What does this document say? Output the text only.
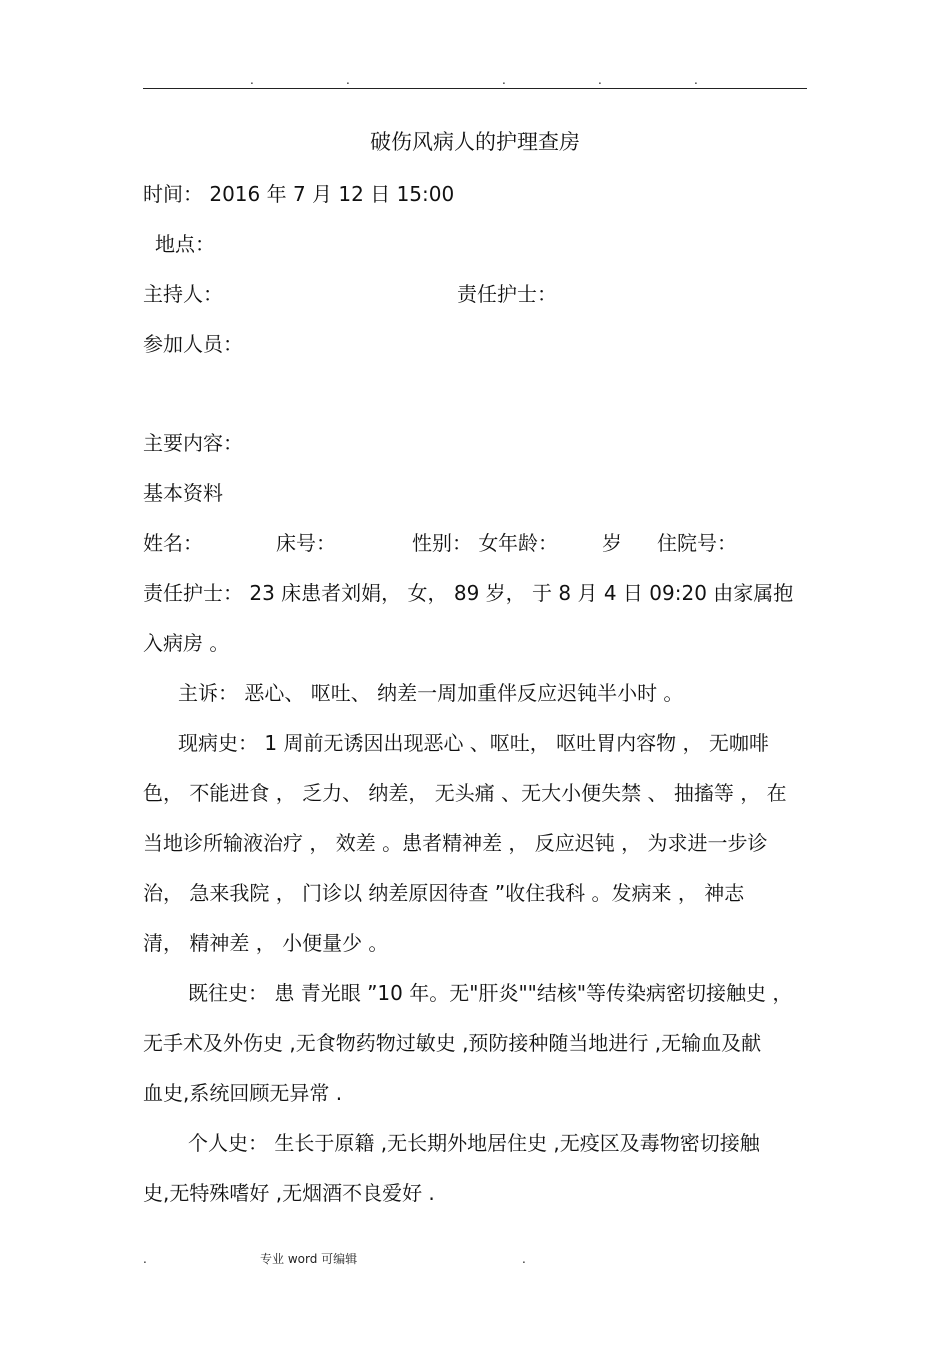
.	.	.	.	.
破伤风病人的护理查房
时间： 2016 年 7 月 12 日 15:00
地点：
主持人：	责任护士：
参加人员：
主要内容：
基本资料
姓名：	床号：	性别： 女 年龄： 岁 住院号：
责任护士： 23 床患者刘娟， 女， 89 岁， 于 8 月 4 日 09:20 由家属抱
入病房 。
主诉： 恶心、 呕吐、 纳差一周加重伴反应迟钝半小时 。
现病史： 1 周前无诱因出现恶心 、呕吐， 呕吐胃内容物 ， 无咖啡
色， 不能进食 ， 乏力、 纳差， 无头痛 、无大小便失禁 、 抽搐等 ， 在
当地诊所输液治疗 ， 效差 。患者精神差 ， 反应迟钝 ， 为求进一步诊
治， 急来我院 ， 门诊以 纳差原因待查 ”收住我科 。发病来 ， 神志
清， 精神差 ， 小便量少 。
既往史： 患 青光眼 ”10 年。无"肝炎""结核"等传染病密切接触史 ，
无手术及外伤史 ,无食物药物过敏史 ,预防接种随当地进行 ,无输血及献
血史,系统回顾无异常 .
个人史： 生长于原籍 ,无长期外地居住史 ,无疫区及毒物密切接触
史,无特殊嗜好 ,无烟酒不良爱好 .
.	专业 word 可编辑	.
